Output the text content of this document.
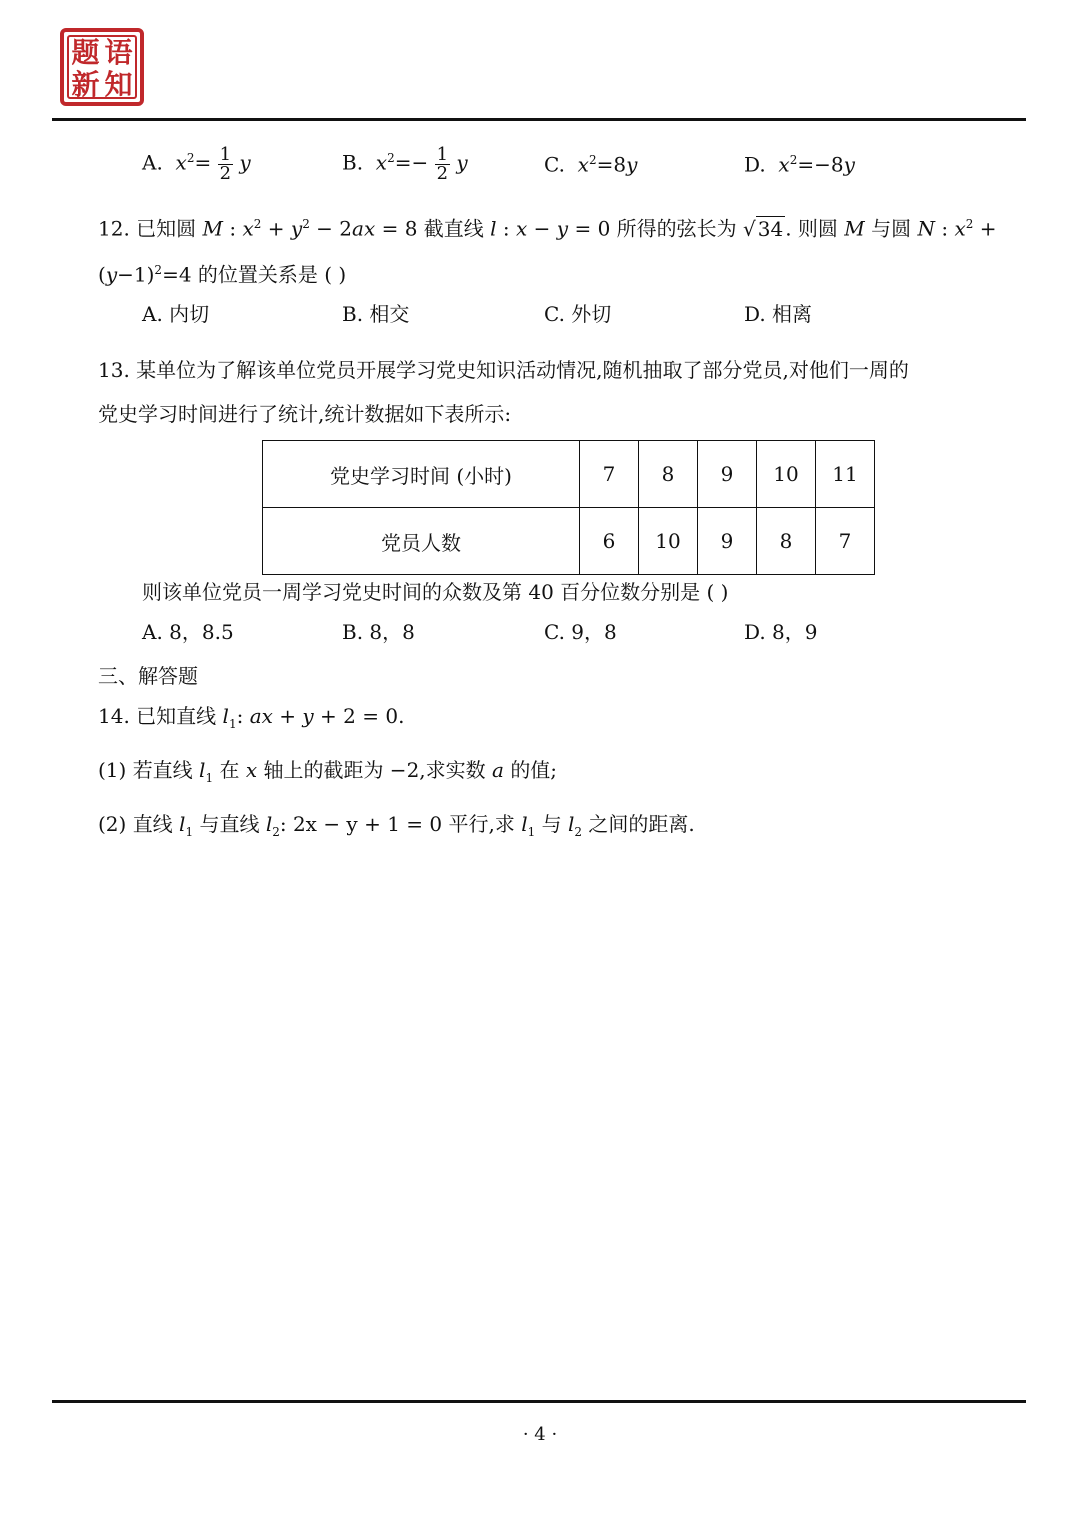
题 语
新 知
A. $x^2= \frac{1}{2}$ y	B. $x^2=- \frac{1}{2}$ y	C. $x^2=8y$	D. $x^2=-8y$
12. 已知圆 M : $x^2 + y^2 - 2ax = 8$ 截直线 l : x − y = 0 所得的弦长为 √ 34 . 则圆 M 与圆 N : $x^2$ +
$(y-1)^2=4$ 的位置关系是 ( )
A. 内切	B. 相交	C. 外切	D. 相离
13. 某单位为了解该单位党员开展学习党史知识活动情况,随机抽取了部分党员,对他们一周的
党史学习时间进行了统计,统计数据如下表所示:
党史学习时间 (小时)	7	8	9	10	11
党员人数	6	10	9	8	7
则该单位党员一周学习党史时间的众数及第 40 百分位数分别是 ( )
A. 8，8.5	B. 8，8	C. 9，8	D. 8，9
三、解答题
14. 已知直线 $l_1$: ax + y + 2 = 0.
(1) 若直线 $l_1$ 在 x 轴上的截距为 −2,求实数 a 的值;
(2) 直线 $l_1$ 与直线 $l_2$: 2x − y + 1 = 0 平行,求 $l_1$ 与 $l_2$ 之间的距离.
· 4 ·
